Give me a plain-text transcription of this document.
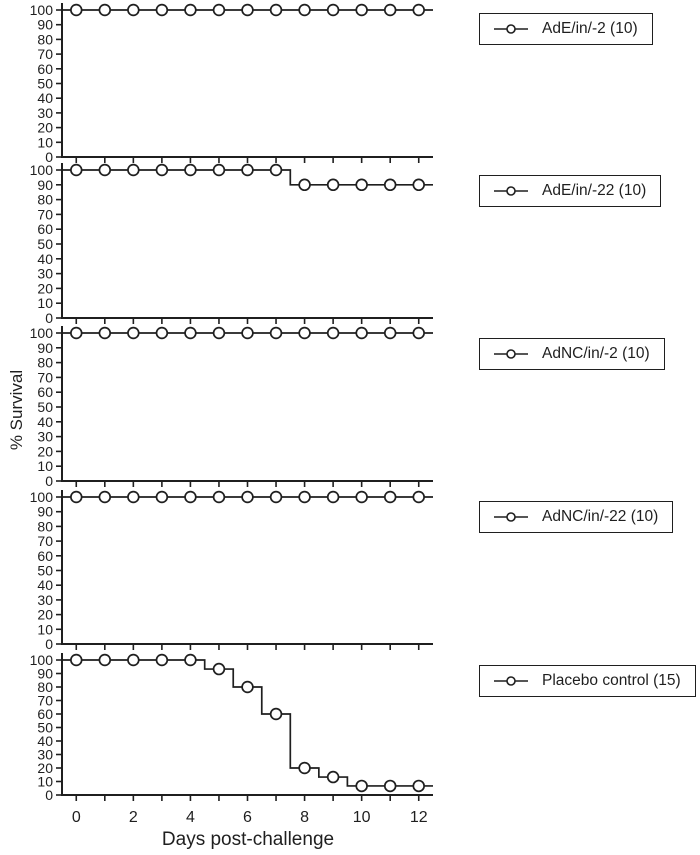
0
10
20
30
40
50
60
70
80
90
100
0
10
20
30
40
50
60
70
80
90
100
0
10
20
30
40
50
60
70
80
90
100
0
10
20
30
40
50
60
70
80
90
100
0
10
20
30
40
50
60
70
80
90
100
0	2	4	6	8	10 12
% Survival
Days post-challenge
AdE/in/-2 (10)
AdE/in/-22 (10)
AdNC/in/-2 (10)
AdNC/in/-22 (10)
Placebo control (15)
